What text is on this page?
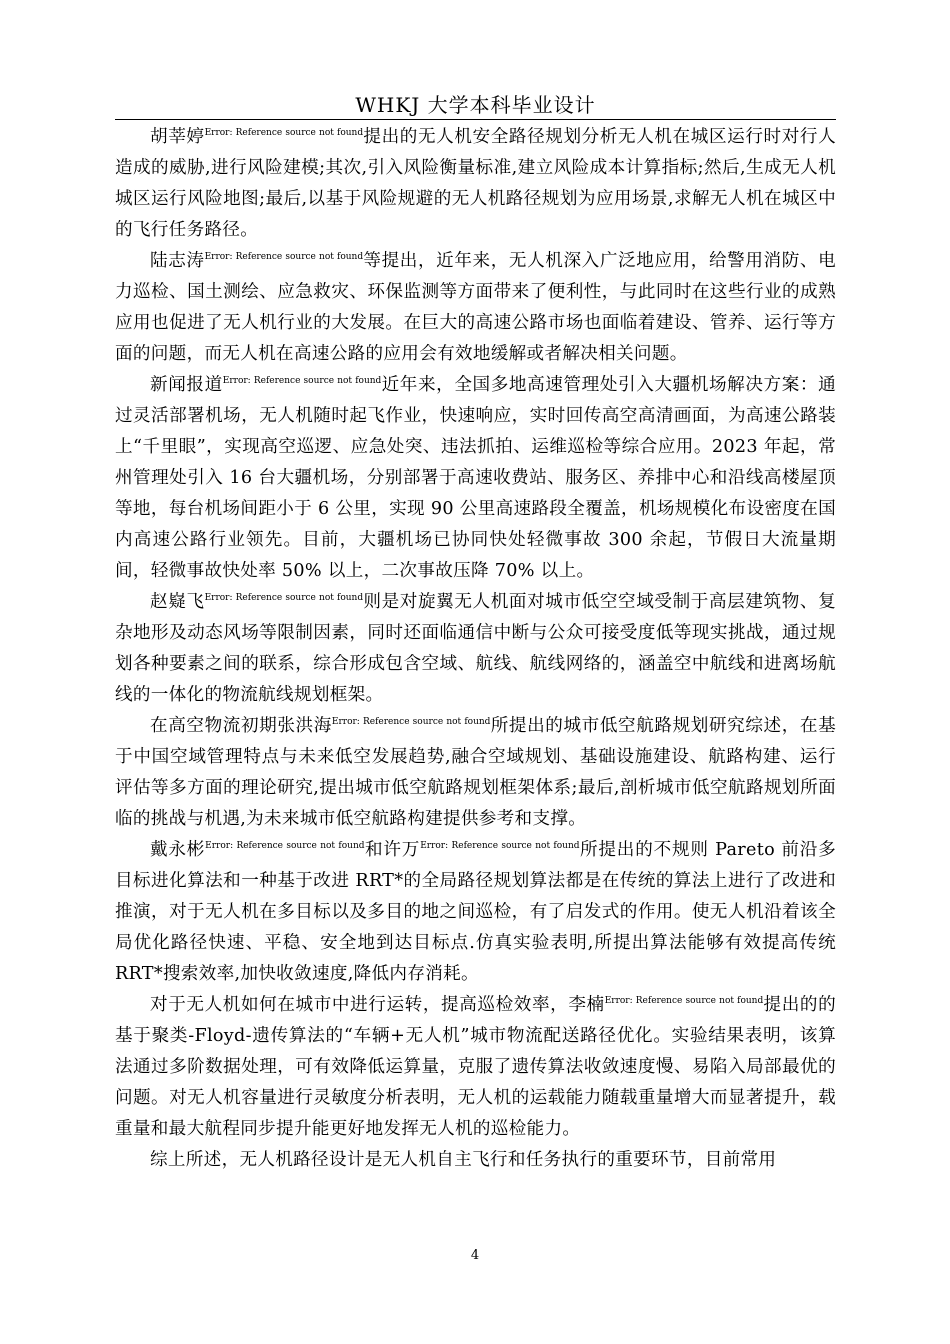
WHKJ 大学本科毕业设计

胡莘婷$^{Error: Reference source not found}$提出的无人机安全路径规划分析无人机在城区运行时对行人造成的威胁,进行风险建模;其次,引入风险衡量标准,建立风险成本计算指标;然后,生成无人机城区运行风险地图;最后,以基于风险规避的无人机路径规划为应用场景,求解无人机在城区中的飞行任务路径。

陆志涛$^{Error: Reference source not found}$等提出，近年来，无人机深入广泛地应用，给警用消防、电力巡检、国土测绘、应急救灾、环保监测等方面带来了便利性，与此同时在这些行业的成熟应用也促进了无人机行业的大发展。在巨大的高速公路市场也面临着建设、管养、运行等方面的问题，而无人机在高速公路的应用会有效地缓解或者解决相关问题。

新闻报道$^{Error: Reference source not found}$近年来，全国多地高速管理处引入大疆机场解决方案：通过灵活部署机场，无人机随时起飞作业，快速响应，实时回传高空高清画面，为高速公路装上“千里眼”，实现高空巡逻、应急处突、违法抓拍、运维巡检等综合应用。2023 年起，常州管理处引入 16 台大疆机场，分别部署于高速收费站、服务区、养排中心和沿线高楼屋顶等地，每台机场间距小于 6 公里，实现 90 公里高速路段全覆盖，机场规模化布设密度在国内高速公路行业领先。目前，大疆机场已协同快处轻微事故 300 余起，节假日大流量期间，轻微事故快处率 50% 以上，二次事故压降 70% 以上。

赵嶷飞$^{Error: Reference source not found}$则是对旋翼无人机面对城市低空空域受制于高层建筑物、复杂地形及动态风场等限制因素，同时还面临通信中断与公众可接受度低等现实挑战，通过规划各种要素之间的联系，综合形成包含空域、航线、航线网络的，涵盖空中航线和进离场航线的一体化的物流航线规划框架。

在高空物流初期张洪海$^{Error: Reference source not found}$所提出的城市低空航路规划研究综述，在基于中国空域管理特点与未来低空发展趋势,融合空域规划、基础设施建设、航路构建、运行评估等多方面的理论研究,提出城市低空航路规划框架体系;最后,剖析城市低空航路规划所面临的挑战与机遇,为未来城市低空航路构建提供参考和支撑。

戴永彬$^{Error: Reference source not found}$和许万$^{Error: Reference source not found}$所提出的不规则 Pareto 前沿多目标进化算法和一种基于改进 RRT*的全局路径规划算法都是在传统的算法上进行了改进和推演，对于无人机在多目标以及多目的地之间巡检，有了启发式的作用。使无人机沿着该全局优化路径快速、平稳、安全地到达目标点.仿真实验表明,所提出算法能够有效提高传统 RRT*搜索效率,加快收敛速度,降低内存消耗。

对于无人机如何在城市中进行运转，提高巡检效率，李楠$^{Error: Reference source not found}$提出的的基于聚类-Floyd-遗传算法的“车辆+无人机”城市物流配送路径优化。实验结果表明，该算法通过多阶数据处理，可有效降低运算量，克服了遗传算法收敛速度慢、易陷入局部最优的问题。对无人机容量进行灵敏度分析表明，无人机的运载能力随载重量增大而显著提升，载重量和最大航程同步提升能更好地发挥无人机的巡检能力。

综上所述，无人机路径设计是无人机自主飞行和任务执行的重要环节，目前常用

4
